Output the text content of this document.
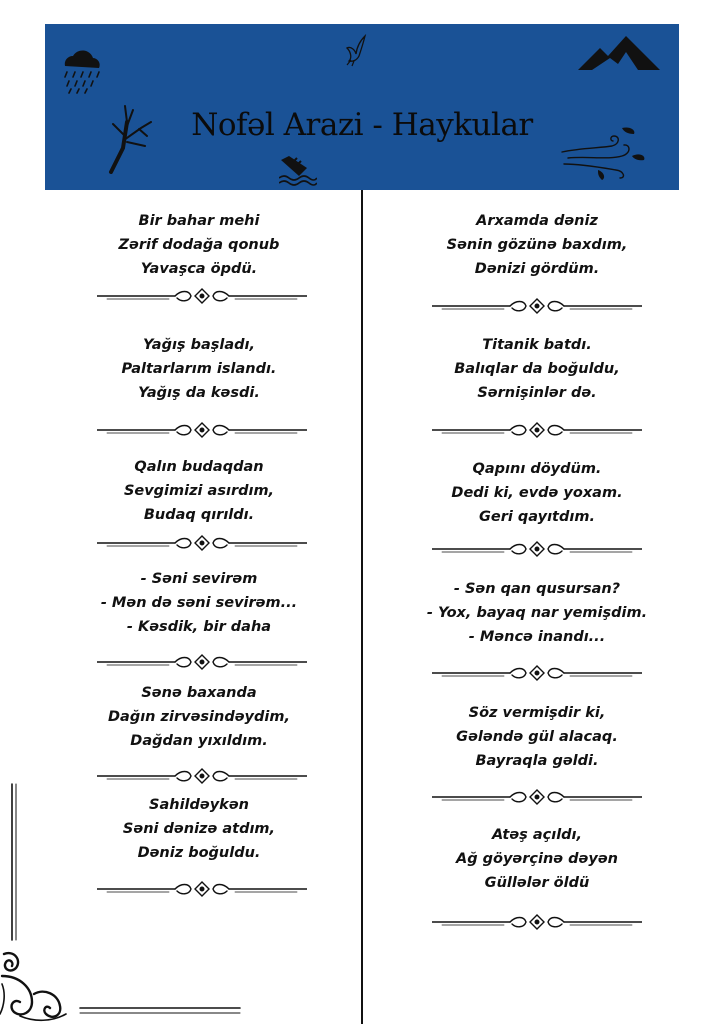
Nofəl Arazi - Haykular
Bir bahar mehi
Zərif dodağa qonub
Yavaşca öpdü.
Yağış başladı,
Paltarlarım islandı.
Yağış da kəsdi.
Qalın budaqdan
Sevgimizi asırdım,
Budaq qırıldı.
- Səni sevirəm
- Mən də səni sevirəm...
- Kəsdik, bir daha
Sənə baxanda
Dağın zirvəsindəydim,
Dağdan yıxıldım.
Sahildəykən
Səni dənizə atdım,
Dəniz boğuldu.
Arxamda dəniz
Sənin gözünə baxdım,
Dənizi gördüm.
Titanik batdı.
Balıqlar da boğuldu,
Sərnişinlər də.
Qapını döydüm.
Dedi ki, evdə yoxam.
Geri qayıtdım.
- Sən qan qusursan?
- Yox, bayaq nar yemişdim.
- Məncə inandı...
Söz vermişdir ki,
Gələndə gül alacaq.
Bayraqla gəldi.
Atəş açıldı,
Ağ göyərçinə dəyən
Güllələr öldü
